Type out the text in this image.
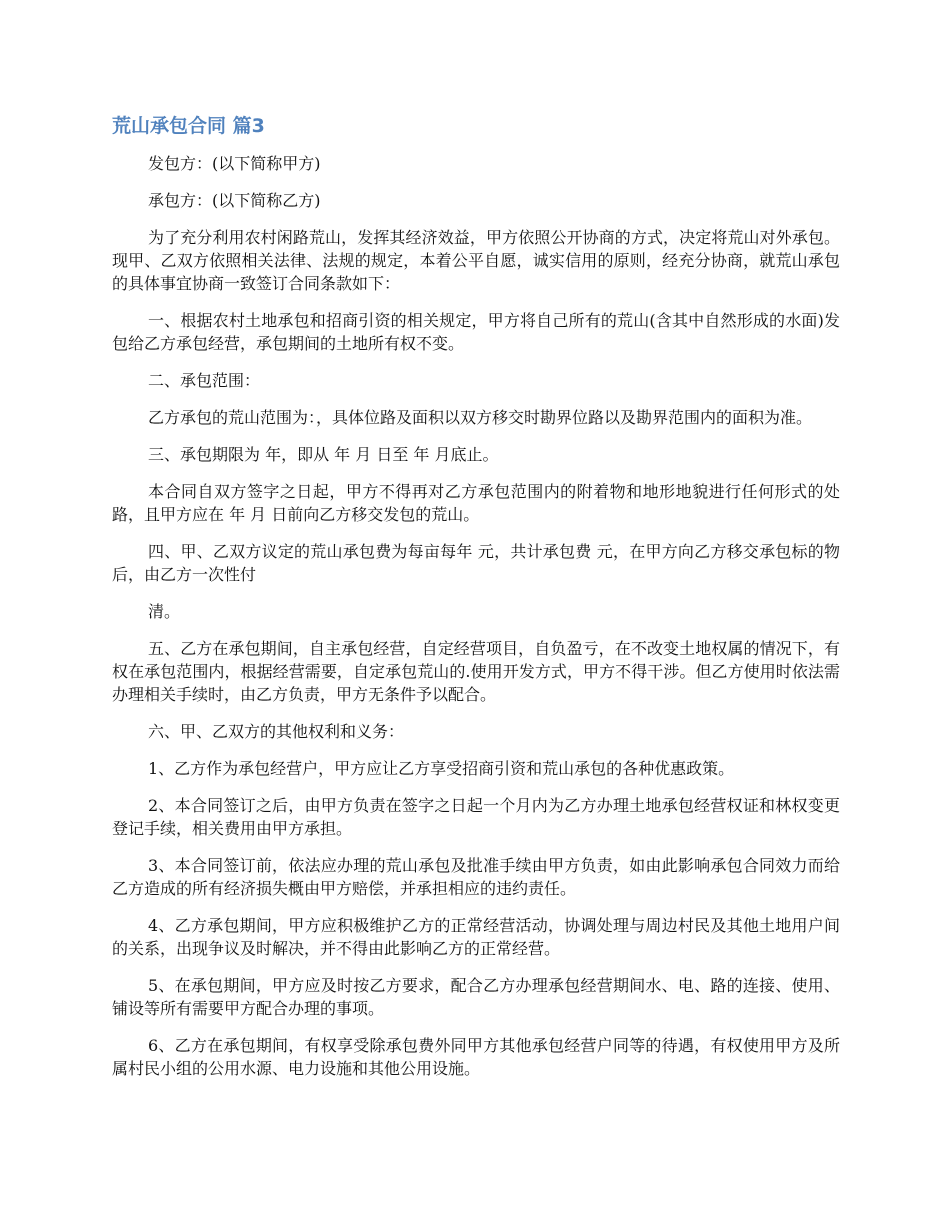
荒山承包合同 篇3

发包方：(以下简称甲方)

承包方：(以下简称乙方)

为了充分利用农村闲路荒山，发挥其经济效益，甲方依照公开协商的方式，决定将荒山对外承包。现甲、乙双方依照相关法律、法规的规定，本着公平自愿，诚实信用的原则，经充分协商，就荒山承包的具体事宜协商一致签订合同条款如下：

一、根据农村土地承包和招商引资的相关规定，甲方将自己所有的荒山(含其中自然形成的水面)发包给乙方承包经营，承包期间的土地所有权不变。

二、承包范围：

乙方承包的荒山范围为：，具体位路及面积以双方移交时勘界位路以及勘界范围内的面积为准。

三、承包期限为 年，即从 年 月 日至 年 月底止。

本合同自双方签字之日起，甲方不得再对乙方承包范围内的附着物和地形地貌进行任何形式的处路，且甲方应在 年 月 日前向乙方移交发包的荒山。

四、甲、乙双方议定的荒山承包费为每亩每年 元，共计承包费 元，在甲方向乙方移交承包标的物后，由乙方一次性付

清。

五、乙方在承包期间，自主承包经营，自定经营项目，自负盈亏，在不改变土地权属的情况下，有权在承包范围内，根据经营需要，自定承包荒山的.使用开发方式，甲方不得干涉。但乙方使用时依法需办理相关手续时，由乙方负责，甲方无条件予以配合。

六、甲、乙双方的其他权利和义务：

1、乙方作为承包经营户，甲方应让乙方享受招商引资和荒山承包的各种优惠政策。

2、本合同签订之后，由甲方负责在签字之日起一个月内为乙方办理土地承包经营权证和林权变更登记手续，相关费用由甲方承担。

3、本合同签订前，依法应办理的荒山承包及批准手续由甲方负责，如由此影响承包合同效力而给乙方造成的所有经济损失概由甲方赔偿，并承担相应的违约责任。

4、乙方承包期间，甲方应积极维护乙方的正常经营活动，协调处理与周边村民及其他土地用户间的关系，出现争议及时解决，并不得由此影响乙方的正常经营。

5、在承包期间，甲方应及时按乙方要求，配合乙方办理承包经营期间水、电、路的连接、使用、铺设等所有需要甲方配合办理的事项。

6、乙方在承包期间，有权享受除承包费外同甲方其他承包经营户同等的待遇，有权使用甲方及所属村民小组的公用水源、电力设施和其他公用设施。
